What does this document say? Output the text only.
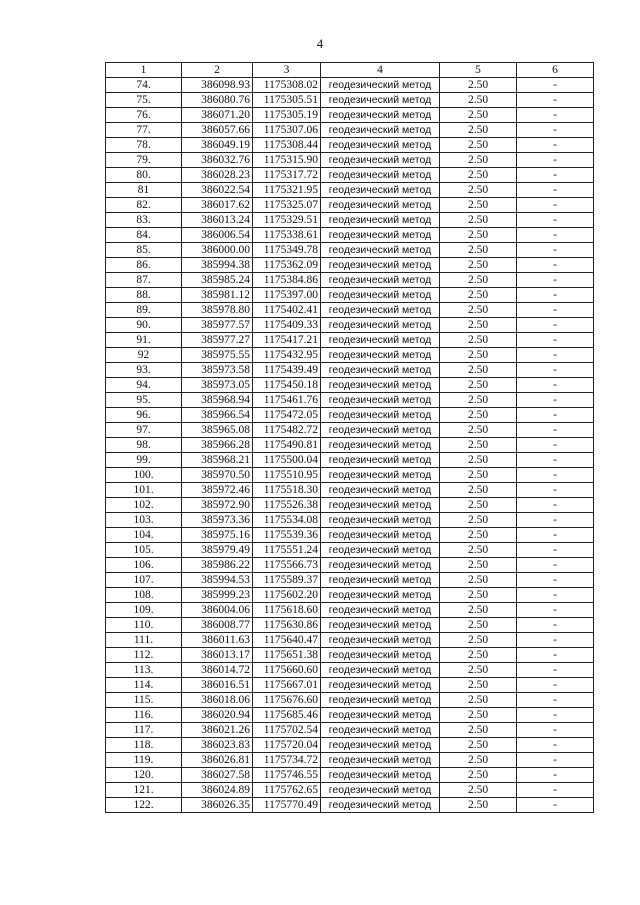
4
1	2	3	4	5	6
74.	386098.93	1175308.02	геодезический метод	2.50	-
75.	386080.76	1175305.51	геодезический метод	2.50	-
76.	386071.20	1175305.19	геодезический метод	2.50	-
77.	386057.66	1175307.06	геодезический метод	2.50	-
78.	386049.19	1175308.44	геодезический метод	2.50	-
79.	386032.76	1175315.90	геодезический метод	2.50	-
80.	386028.23	1175317.72	геодезический метод	2.50	-
81	386022.54	1175321.95	геодезический метод	2.50	-
82.	386017.62	1175325.07	геодезический метод	2.50	-
83.	386013.24	1175329.51	геодезический метод	2.50	-
84.	386006.54	1175338.61	геодезический метод	2.50	-
85.	386000.00	1175349.78	геодезический метод	2.50	-
86.	385994.38	1175362.09	геодезический метод	2.50	-
87.	385985.24	1175384.86	геодезический метод	2.50	-
88.	385981.12	1175397.00	геодезический метод	2.50	-
89.	385978.80	1175402.41	геодезический метод	2.50	-
90.	385977.57	1175409.33	геодезический метод	2.50	-
91.	385977.27	1175417.21	геодезический метод	2.50	-
92	385975.55	1175432.95	геодезический метод	2.50	-
93.	385973.58	1175439.49	геодезический метод	2.50	-
94.	385973.05	1175450.18	геодезический метод	2.50	-
95.	385968.94	1175461.76	геодезический метод	2.50	-
96.	385966.54	1175472.05	геодезический метод	2.50	-
97.	385965.08	1175482.72	геодезический метод	2.50	-
98.	385966.28	1175490.81	геодезический метод	2.50	-
99.	385968.21	1175500.04	геодезический метод	2.50	-
100.	385970.50	1175510.95	геодезический метод	2.50	-
101.	385972.46	1175518.30	геодезический метод	2.50	-
102.	385972.90	1175526.38	геодезический метод	2.50	-
103.	385973.36	1175534.08	геодезический метод	2.50	-
104.	385975.16	1175539.36	геодезический метод	2.50	-
105.	385979.49	1175551.24	геодезический метод	2.50	-
106.	385986.22	1175566.73	геодезический метод	2.50	-
107.	385994.53	1175589.37	геодезический метод	2.50	-
108.	385999.23	1175602.20	геодезический метод	2.50	-
109.	386004.06	1175618.60	геодезический метод	2.50	-
110.	386008.77	1175630.86	геодезический метод	2.50	-
111.	386011.63	1175640.47	геодезический метод	2.50	-
112.	386013.17	1175651.38	геодезический метод	2.50	-
113.	386014.72	1175660.60	геодезический метод	2.50	-
114.	386016.51	1175667.01	геодезический метод	2.50	-
115.	386018.06	1175676.60	геодезический метод	2.50	-
116.	386020.94	1175685.46	геодезический метод	2.50	-
117.	386021.26	1175702.54	геодезический метод	2.50	-
118.	386023.83	1175720.04	геодезический метод	2.50	-
119.	386026.81	1175734.72	геодезический метод	2.50	-
120.	386027.58	1175746.55	геодезический метод	2.50	-
121.	386024.89	1175762.65	геодезический метод	2.50	-
122.	386026.35	1175770.49	геодезический метод	2.50	-
